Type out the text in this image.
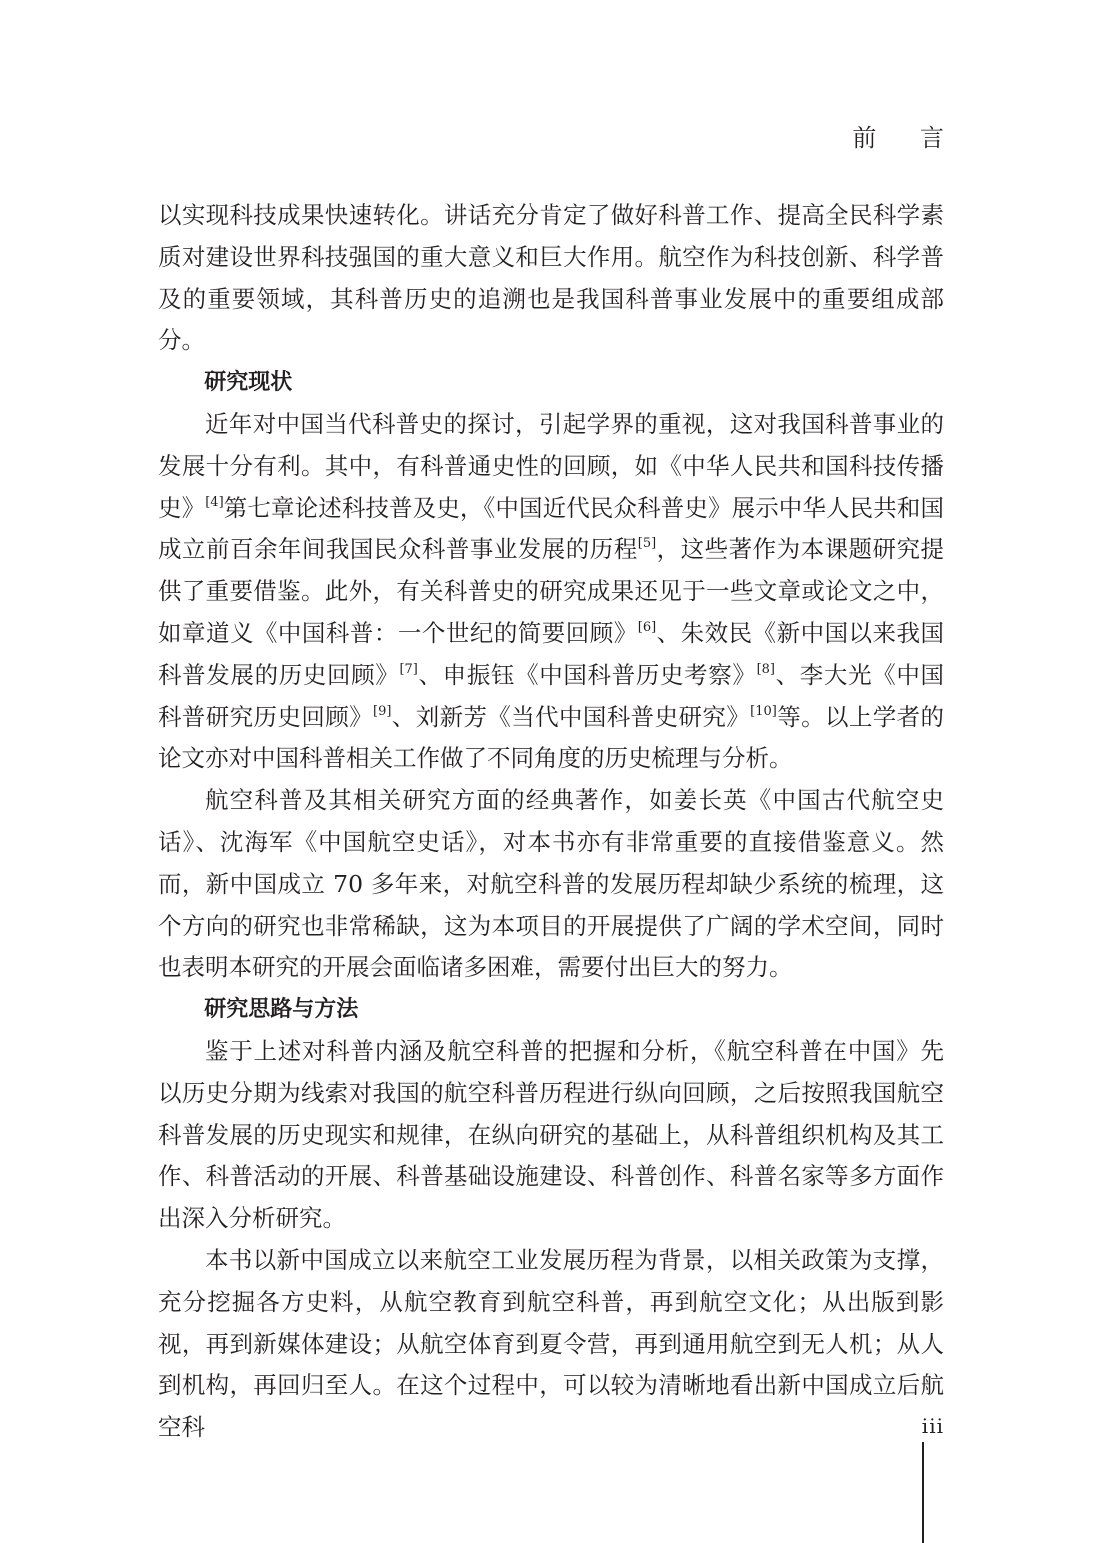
前 言

以实现科技成果快速转化。讲话充分肯定了做好科普工作、提高全民科学素质对建设世界科技强国的重大意义和巨大作用。航空作为科技创新、科学普及的重要领域，其科普历史的追溯也是我国科普事业发展中的重要组成部分。

研究现状

近年对中国当代科普史的探讨，引起学界的重视，这对我国科普事业的发展十分有利。其中，有科普通史性的回顾，如《中华人民共和国科技传播史》[4]第七章论述科技普及史，《中国近代民众科普史》展示中华人民共和国成立前百余年间我国民众科普事业发展的历程[5]，这些著作为本课题研究提供了重要借鉴。此外，有关科普史的研究成果还见于一些文章或论文之中，如章道义《中国科普：一个世纪的简要回顾》[6]、朱效民《新中国以来我国科普发展的历史回顾》[7]、申振钰《中国科普历史考察》[8]、李大光《中国科普研究历史回顾》[9]、刘新芳《当代中国科普史研究》[10]等。以上学者的论文亦对中国科普相关工作做了不同角度的历史梳理与分析。

航空科普及其相关研究方面的经典著作，如姜长英《中国古代航空史话》、沈海军《中国航空史话》，对本书亦有非常重要的直接借鉴意义。然而，新中国成立 70 多年来，对航空科普的发展历程却缺少系统的梳理，这个方向的研究也非常稀缺，这为本项目的开展提供了广阔的学术空间，同时也表明本研究的开展会面临诸多困难，需要付出巨大的努力。

研究思路与方法

鉴于上述对科普内涵及航空科普的把握和分析，《航空科普在中国》先以历史分期为线索对我国的航空科普历程进行纵向回顾，之后按照我国航空科普发展的历史现实和规律，在纵向研究的基础上，从科普组织机构及其工作、科普活动的开展、科普基础设施建设、科普创作、科普名家等多方面作出深入分析研究。

本书以新中国成立以来航空工业发展历程为背景，以相关政策为支撑，充分挖掘各方史料，从航空教育到航空科普，再到航空文化；从出版到影视，再到新媒体建设；从航空体育到夏令营，再到通用航空到无人机；从人到机构，再回归至人。在这个过程中，可以较为清晰地看出新中国成立后航空科	iii
